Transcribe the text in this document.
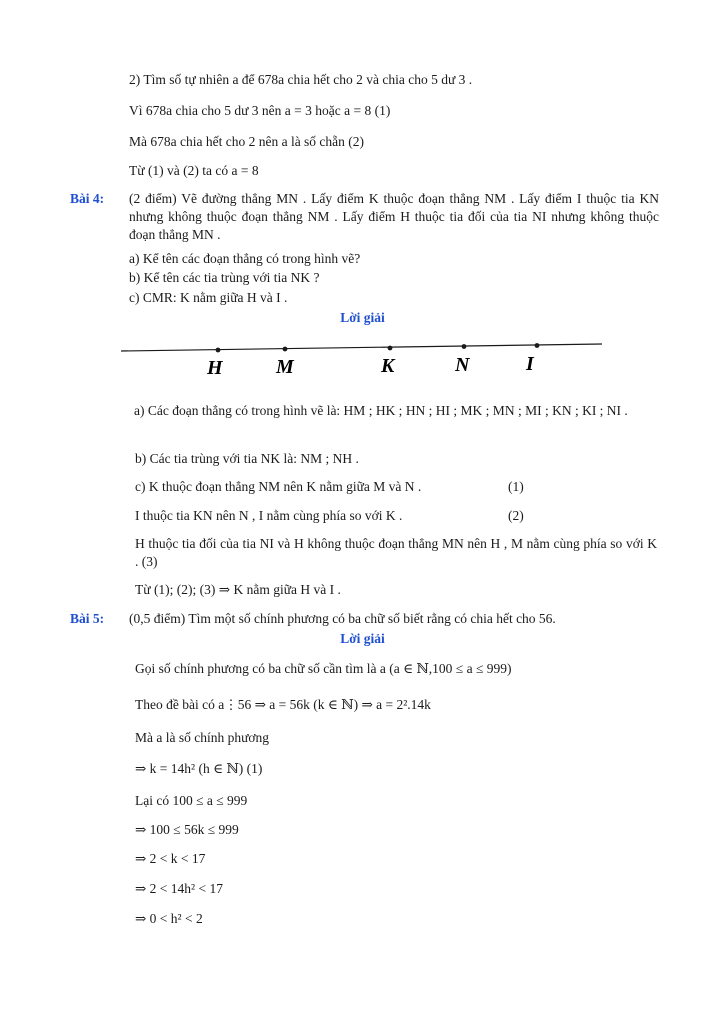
2) Tìm số tự nhiên a để 678a chia hết cho 2 và chia cho 5 dư 3 .
Vì 678a chia cho 5 dư 3 nên a = 3 hoặc a = 8 (1)
Mà 678a chia hết cho 2 nên a là số chẵn (2)
Từ (1) và (2) ta có a = 8
Bài 4: (2 điểm) Vẽ đường thẳng MN . Lấy điểm K thuộc đoạn thẳng NM . Lấy điểm I thuộc tia KN nhưng không thuộc đoạn thẳng NM . Lấy điểm H thuộc tia đối của tia NI nhưng không thuộc đoạn thẳng MN .
a) Kể tên các đoạn thẳng có trong hình vẽ?
b) Kể tên các tia trùng với tia NK ?
c) CMR: K nằm giữa H và I .
Lời giải
H	M	K	N	I
a) Các đoạn thẳng có trong hình vẽ là: HM ; HK ; HN ; HI ; MK ; MN ; MI ; KN ; KI ; NI .
b) Các tia trùng với tia NK là: NM ; NH .
c) K thuộc đoạn thẳng NM nên K nằm giữa M và N .	(1)
I thuộc tia KN nên N , I nằm cùng phía so với K .	(2)
H thuộc tia đối của tia NI và H không thuộc đoạn thẳng MN nên H , M nằm cùng phía so với K . (3)
Từ (1); (2); (3) ⇒ K nằm giữa H và I .
Bài 5: (0,5 điểm) Tìm một số chính phương có ba chữ số biết rằng có chia hết cho 56.
Lời giải
Gọi số chính phương có ba chữ số cần tìm là a (a ∈ ℕ,100 ≤ a ≤ 999)
Theo đề bài có a⋮56 ⇒ a = 56k (k ∈ ℕ) ⇒ a = 2².14k
Mà a là số chính phương
⇒ k = 14h² (h ∈ ℕ) (1)
Lại có 100 ≤ a ≤ 999
⇒ 100 ≤ 56k ≤ 999
⇒ 2 < k < 17
⇒ 2 < 14h² < 17
⇒ 0 < h² < 2
